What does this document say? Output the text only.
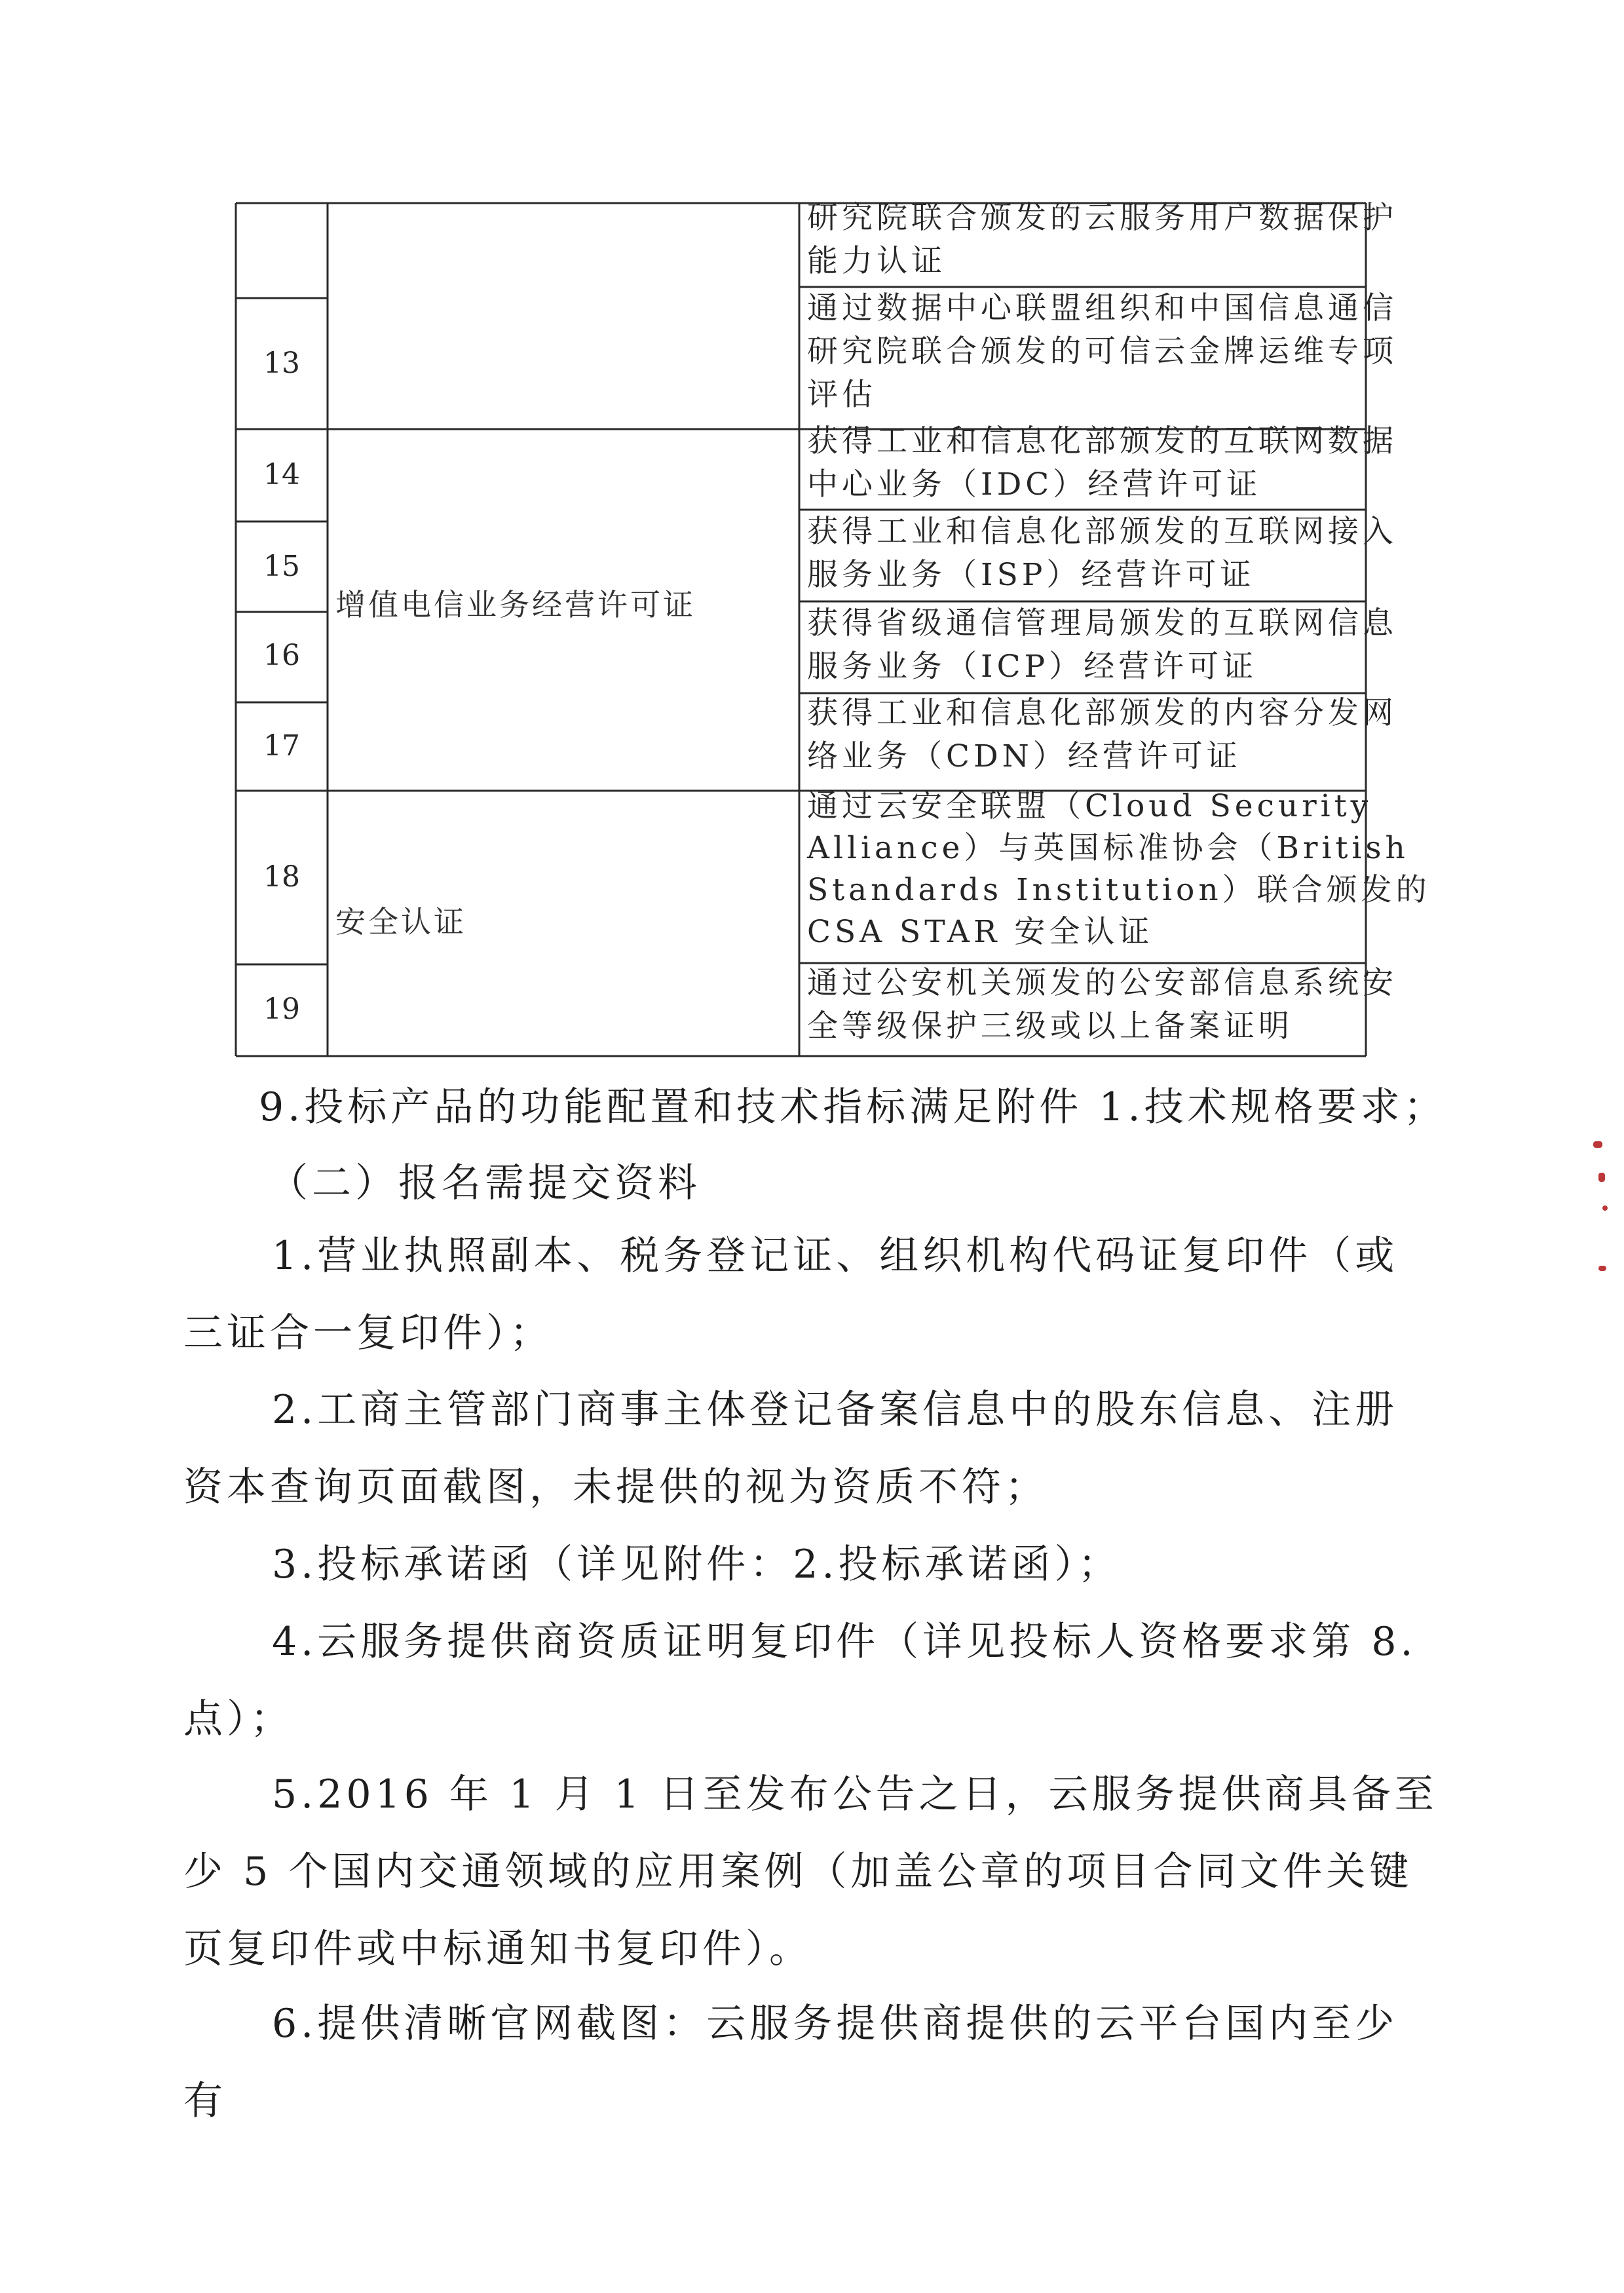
13
研究院联合颁发的云服务用户数据保护
能力认证
通过数据中心联盟组织和中国信息通信
研究院联合颁发的可信云金牌运维专项
评估
14
获得工业和信息化部颁发的互联网数据
中心业务（IDC）经营许可证
15
获得工业和信息化部颁发的互联网接入
服务业务（ISP）经营许可证
16
获得省级通信管理局颁发的互联网信息
服务业务（ICP）经营许可证
17
获得工业和信息化部颁发的内容分发网
络业务（CDN）经营许可证
18
通过云安全联盟（Cloud Security
Alliance）与英国标准协会（British
Standards Institution）联合颁发的
CSA STAR 安全认证
19
通过公安机关颁发的公安部信息系统安
全等级保护三级或以上备案证明
增值电信业务经营许可证
安全认证
9.投标产品的功能配置和技术指标满足附件 1.技术规格要求；
（二）报名需提交资料
1.营业执照副本、税务登记证、组织机构代码证复印件（或三证合一复印件）；
2.工商主管部门商事主体登记备案信息中的股东信息、注册资本查询页面截图，未提供的视为资质不符；
3.投标承诺函（详见附件：2.投标承诺函）；
4.云服务提供商资质证明复印件（详见投标人资格要求第 8.点）；
5.2016 年 1 月 1 日至发布公告之日，云服务提供商具备至少 5 个国内交通领域的应用案例（加盖公章的项目合同文件关键页复印件或中标通知书复印件）。
6.提供清晰官网截图：云服务提供商提供的云平台国内至少有
